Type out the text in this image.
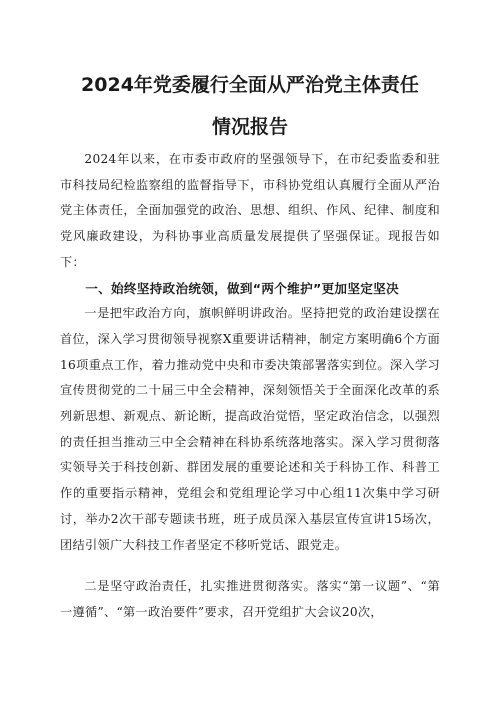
2024年党委履行全面从严治党主体责任
情况报告

2024年以来，在市委市政府的坚强领导下，在市纪委监委和驻市科技局纪检监察组的监督指导下，市科协党组认真履行全面从严治党主体责任，全面加强党的政治、思想、组织、作风、纪律、制度和党风廉政建设，为科协事业高质量发展提供了坚强保证。现报告如下：

一、始终坚持政治统领，做到“两个维护”更加坚定坚决

一是把牢政治方向，旗帜鲜明讲政治。坚持把党的政治建设摆在首位，深入学习贯彻领导视察X重要讲话精神，制定方案明确6个方面16项重点工作，着力推动党中央和市委决策部署落实到位。深入学习宣传贯彻党的二十届三中全会精神，深刻领悟关于全面深化改革的系列新思想、新观点、新论断，提高政治觉悟，坚定政治信念，以强烈的责任担当推动三中全会精神在科协系统落地落实。深入学习贯彻落实领导关于科技创新、群团发展的重要论述和关于科协工作、科普工作的重要指示精神，党组会和党组理论学习中心组11次集中学习研讨，举办2次干部专题读书班，班子成员深入基层宣传宣讲15场次，团结引领广大科技工作者坚定不移听党话、跟党走。

二是坚守政治责任，扎实推进贯彻落实。落实“第一议题”、“第一遵循”、“第一政治要件”要求，召开党组扩大会议20次，
